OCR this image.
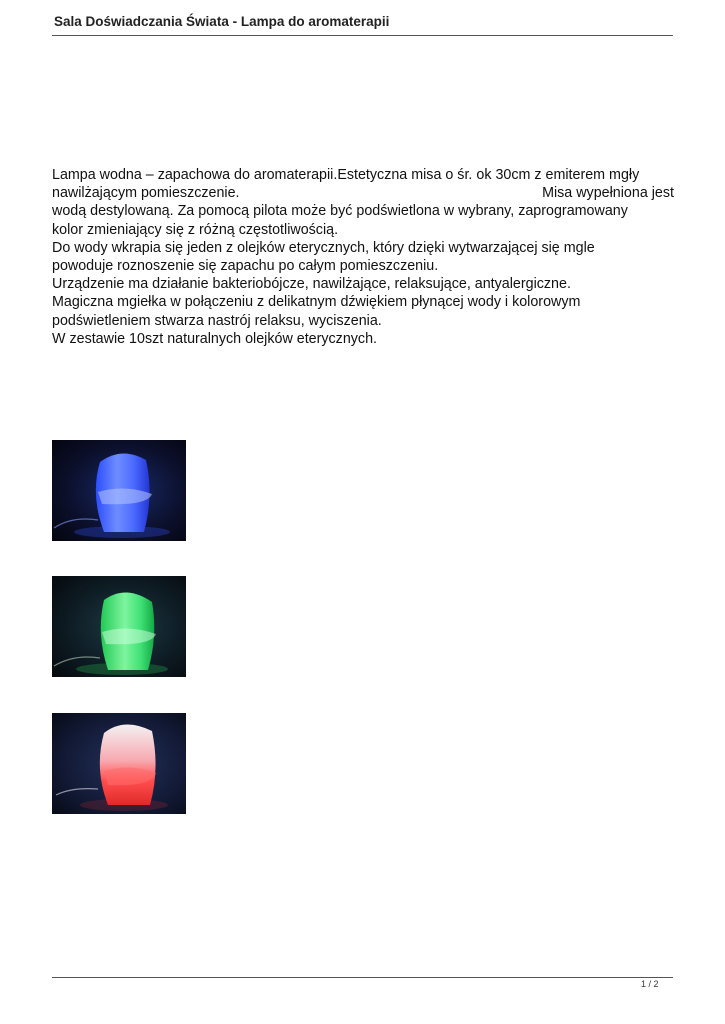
Sala Doświadczania Świata - Lampa do aromaterapii
Lampa wodna – zapachowa do aromaterapii.Estetyczna misa o śr. ok 30cm z emiterem mgły
nawilżającym pomieszczenie.	Misa wypełniona jest
wodą destylowaną. Za pomocą pilota może być podświetlona w wybrany, zaprogramowany
kolor zmieniający się z różną częstotliwością.
Do wody wkrapia się jeden z olejków eterycznych, który dzięki wytwarzającej się mgle
powoduje roznoszenie się zapachu po całym pomieszczeniu.
Urządzenie ma działanie bakteriobójcze, nawilżające, relaksujące, antyalergiczne.
Magiczna mgiełka w połączeniu z delikatnym dźwiękiem płynącej wody i kolorowym
podświetleniem stwarza nastrój relaksu, wyciszenia.
W zestawie 10szt naturalnych olejków eterycznych.
1 / 2
